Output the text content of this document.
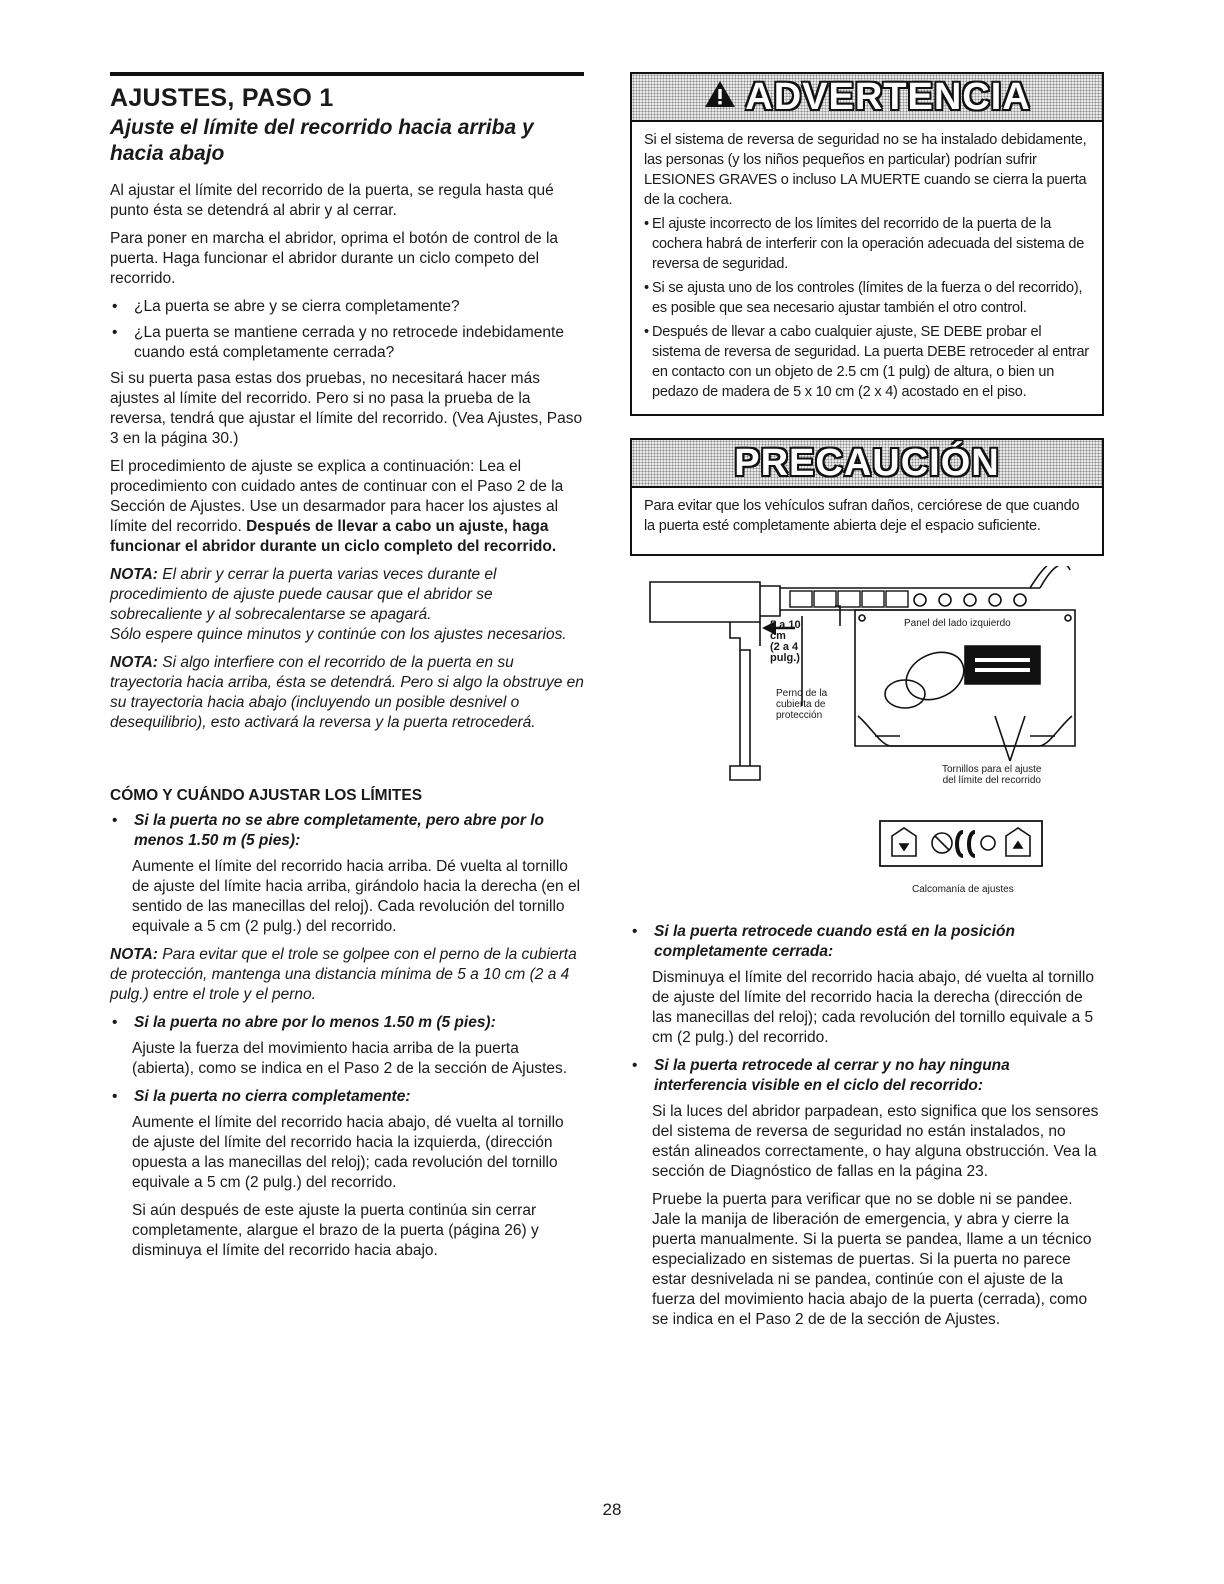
AJUSTES, PASO 1
Ajuste el límite del recorrido hacia arriba y hacia abajo

Al ajustar el límite del recorrido de la puerta, se regula hasta qué punto ésta se detendrá al abrir y al cerrar.

Para poner en marcha el abridor, oprima el botón de control de la puerta. Haga funcionar el abridor durante un ciclo competo del recorrido.

•	¿La puerta se abre y se cierra completamente?
•	¿La puerta se mantiene cerrada y no retrocede indebidamente cuando está completamente cerrada?

Si su puerta pasa estas dos pruebas, no necesitará hacer más ajustes al límite del recorrido. Pero si no pasa la prueba de la reversa, tendrá que ajustar el límite del recorrido. (Vea Ajustes, Paso 3 en la página 30.)

El procedimiento de ajuste se explica a continuación: Lea el procedimiento con cuidado antes de continuar con el Paso 2 de la Sección de Ajustes. Use un desarmador para hacer los ajustes al límite del recorrido. Después de llevar a cabo un ajuste, haga funcionar el abridor durante un ciclo completo del recorrido.

NOTA: El abrir y cerrar la puerta varias veces durante el procedimiento de ajuste puede causar que el abridor se sobrecaliente y al sobrecalentarse se apagará.

Sólo espere quince minutos y continúe con los ajustes necesarios.

NOTA: Si algo interfiere con el recorrido de la puerta en su trayectoria hacia arriba, ésta se detendrá. Pero si algo la obstruye en su trayectoria hacia abajo (incluyendo un posible desnivel o desequilibrio), esto activará la reversa y la puerta retrocederá.

CÓMO Y CUÁNDO AJUSTAR LOS LÍMITES
•	Si la puerta no se abre completamente, pero abre por lo menos 1.50 m (5 pies):

Aumente el límite del recorrido hacia arriba. Dé vuelta al tornillo de ajuste del límite hacia arriba, girándolo hacia la derecha (en el sentido de las manecillas del reloj). Cada revolución del tornillo equivale a 5 cm (2 pulg.) del recorrido.

NOTA: Para evitar que el trole se golpee con el perno de la cubierta de protección, mantenga una distancia mínima de 5 a 10 cm (2 a 4 pulg.) entre el trole y el perno.

•	Si la puerta no abre por lo menos 1.50 m (5 pies):

Ajuste la fuerza del movimiento hacia arriba de la puerta (abierta), como se indica en el Paso 2 de la sección de Ajustes.

•	Si la puerta no cierra completamente:

Aumente el límite del recorrido hacia abajo, dé vuelta al tornillo de ajuste del límite del recorrido hacia la izquierda, (dirección opuesta a las manecillas del reloj); cada revolución del tornillo equivale a 5 cm (2 pulg.) del recorrido.

Si aún después de este ajuste la puerta continúa sin cerrar completamente, alargue el brazo de la puerta (página 26) y disminuya el límite del recorrido hacia abajo.

ADVERTENCIA

Si el sistema de reversa de seguridad no se ha instalado debidamente, las personas (y los niños pequeños en particular) podrían sufrir LESIONES GRAVES o incluso LA MUERTE cuando se cierra la puerta de la cochera.

• El ajuste incorrecto de los límites del recorrido de la puerta de la cochera habrá de interferir con la operación adecuada del sistema de reversa de seguridad.
• Si se ajusta uno de los controles (límites de la fuerza o del recorrido), es posible que sea necesario ajustar también el otro control.
• Después de llevar a cabo cualquier ajuste, SE DEBE probar el sistema de reversa de seguridad. La puerta DEBE retroceder al entrar en contacto con un objeto de 2.5 cm (1 pulg) de altura, o bien un pedazo de madera de 5 x 10 cm (2 x 4) acostado en el piso.
PRECAUCIÓN

Para evitar que los vehículos sufran daños, cerciórese de que cuando la puerta esté completamente abierta deje el espacio suficiente.

5 a 10
cm
(2 a 4
pulg.)
Perno de la
cubierta de
protección
Panel del lado izquierdo
Tornillos para el ajuste
del límite del recorrido
Calcomanía de ajustes
•	Si la puerta retrocede cuando está en la posición completamente cerrada:

Disminuya el límite del recorrido hacia abajo, dé vuelta al tornillo de ajuste del límite del recorrido hacia la derecha (dirección de las manecillas del reloj); cada revolución del tornillo equivale a 5 cm (2 pulg.) del recorrido.

•	Si la puerta retrocede al cerrar y no hay ninguna interferencia visible en el ciclo del recorrido:

Si la luces del abridor parpadean, esto significa que los sensores del sistema de reversa de seguridad no están instalados, no están alineados correctamente, o hay alguna obstrucción. Vea la sección de Diagnóstico de fallas en la página 23.

Pruebe la puerta para verificar que no se doble ni se pandee. Jale la manija de liberación de emergencia, y abra y cierre la puerta manualmente. Si la puerta se pandea, llame a un técnico especializado en sistemas de puertas. Si la puerta no parece estar desnivelada ni se pandea, continúe con el ajuste de la fuerza del movimiento hacia abajo de la puerta (cerrada), como se indica en el Paso 2 de de la sección de Ajustes.

28
